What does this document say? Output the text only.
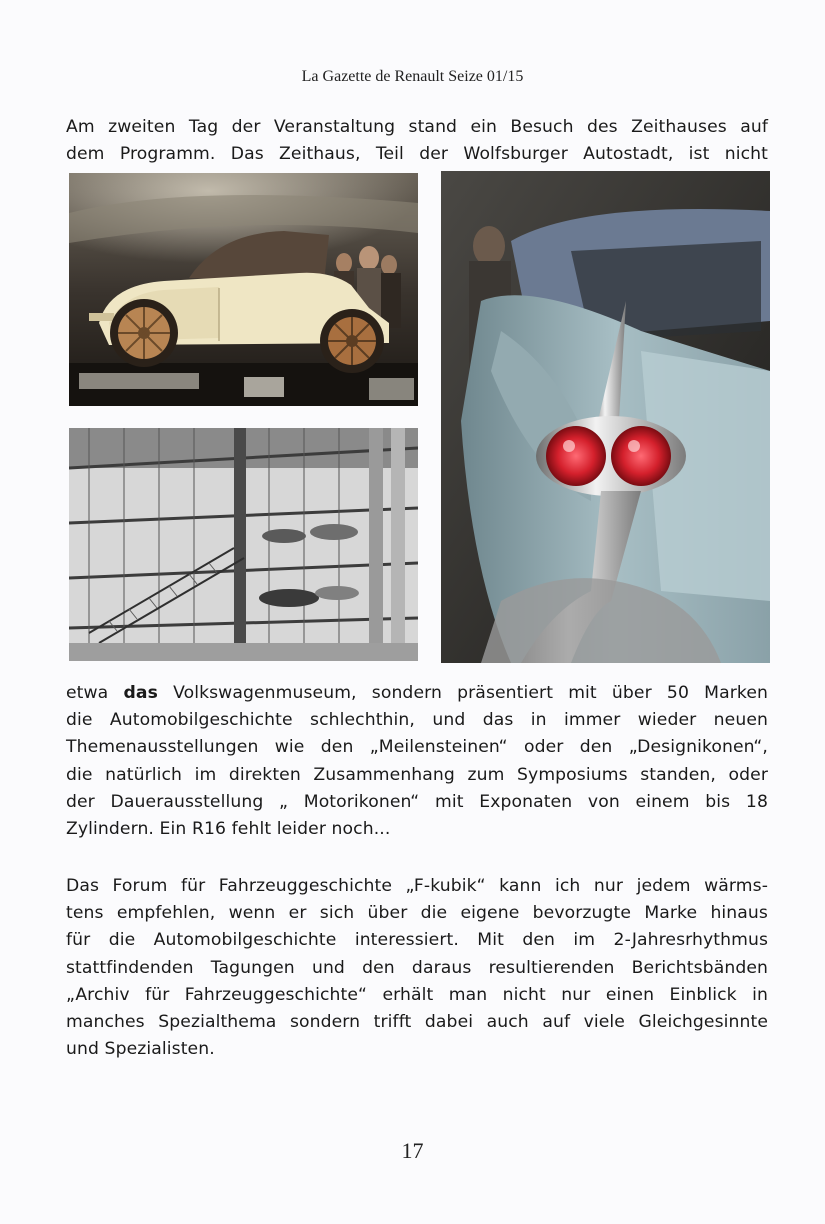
La Gazette de Renault Seize 01/15
Am zweiten Tag der Veranstaltung stand ein Besuch des Zeithauses auf
dem Programm. Das Zeithaus, Teil der Wolfsburger Autostadt, ist nicht
etwa das Volkswagenmuseum, sondern präsentiert mit über 50 Marken
die Automobilgeschichte schlechthin, und das in immer wieder neuen
Themenausstellungen wie den „Meilensteinen“ oder den „Designikonen“,
die natürlich im direkten Zusammenhang zum Symposiums standen, oder
der Dauerausstellung „ Motorikonen“ mit Exponaten von einem bis 18
Zylindern. Ein R16 fehlt leider noch...
Das Forum für Fahrzeuggeschichte „F-kubik“ kann ich nur jedem wärms-
tens empfehlen, wenn er sich über die eigene bevorzugte Marke hinaus
für die Automobilgeschichte interessiert. Mit den im 2-Jahresrhythmus
stattfindenden Tagungen und den daraus resultierenden Berichtsbänden
„Archiv für Fahrzeuggeschichte“ erhält man nicht nur einen Einblick in
manches Spezialthema sondern trifft dabei auch auf viele Gleichgesinnte
und Spezialisten.
17
